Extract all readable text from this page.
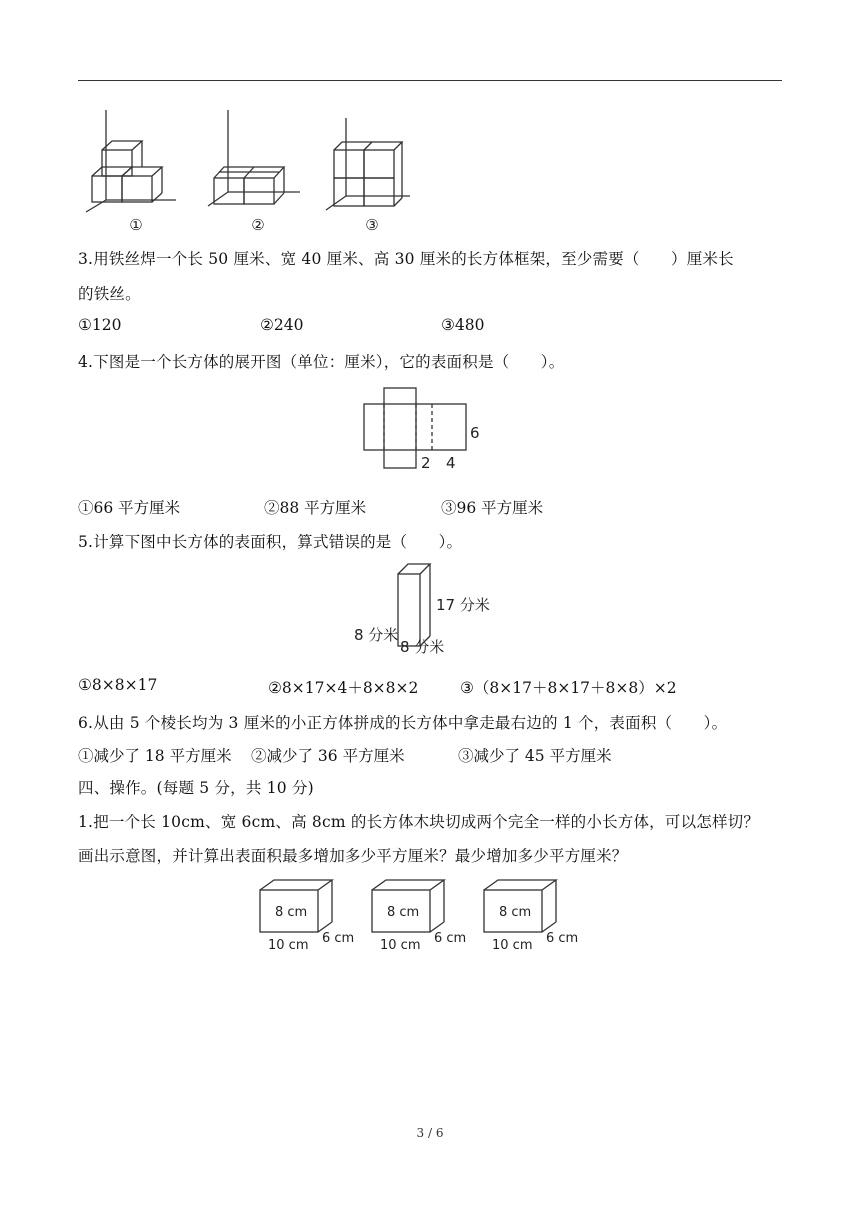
①	②	③
3.用铁丝焊一个长 50 厘米、宽 40 厘米、高 30 厘米的长方体框架，至少需要（　　）厘米长
的铁丝。
①120	②240	③480
4.下图是一个长方体的展开图（单位：厘米），它的表面积是（　　）。
6
2 4
①66 平方厘米	②88 平方厘米	③96 平方厘米
5.计算下图中长方体的表面积，算式错误的是（　　）。
17 分米
8 分米
8 分米
①8×8×17	②8×17×4＋8×8×2	③（8×17＋8×17＋8×8）×2
6.从由 5 个棱长均为 3 厘米的小正方体拼成的长方体中拿走最右边的 1 个，表面积（　　）。
①减少了 18 平方厘米 ②减少了 36 平方厘米	③减少了 45 平方厘米
四、操作。(每题 5 分，共 10 分)
1.把一个长 10cm、宽 6cm、高 8cm 的长方体木块切成两个完全一样的小长方体，可以怎样切？
画出示意图，并计算出表面积最多增加多少平方厘米？最少增加多少平方厘米？
8 cm
10 cm 6 cm
8 cm
10 cm 6 cm
8 cm
10 cm 6 cm
3 / 6
